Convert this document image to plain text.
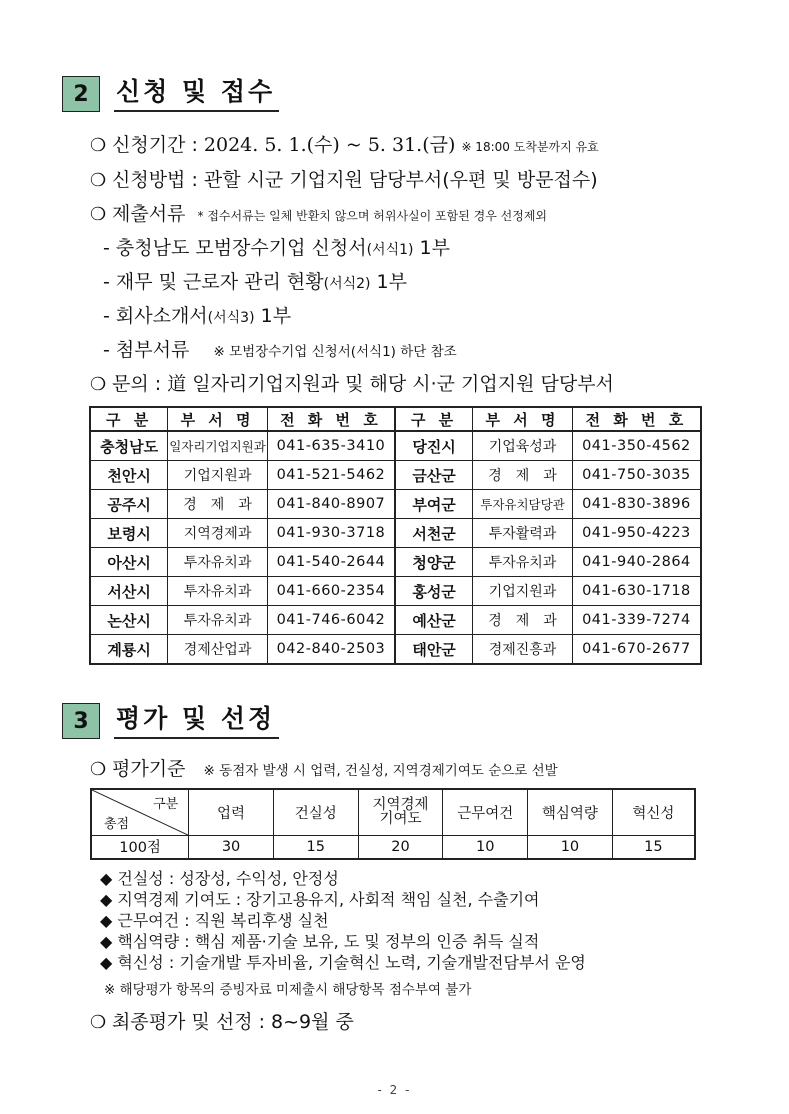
2	신청 및 접수
❍ 신청기간 : 2024. 5. 1.(수) ~ 5. 31.(금) ※ 18:00 도착분까지 유효
❍ 신청방법 : 관할 시군 기업지원 담당부서(우편 및 방문접수)
❍ 제출서류 * 접수서류는 일체 반환치 않으며 허위사실이 포함된 경우 선정제외
- 충청남도 모범장수기업 신청서(서식1) 1부
- 재무 및 근로자 관리 현황(서식2) 1부
- 회사소개서(서식3) 1부
- 첨부서류 ※ 모범장수기업 신청서(서식1) 하단 참조
❍ 문의 : 道 일자리기업지원과 및 해당 시·군 기업지원 담당부서
구 분	부 서 명	전 화 번 호	구 분	부 서 명	전 화 번 호
충청남도	일자리기업지원과	041-635-3410	당진시	기업육성과	041-350-4562
천안시	기업지원과	041-521-5462	금산군	경　제　과	041-750-3035
공주시	경　제　과	041-840-8907	부여군	투자유치담당관	041-830-3896
보령시	지역경제과	041-930-3718	서천군	투자활력과	041-950-4223
아산시	투자유치과	041-540-2644	청양군	투자유치과	041-940-2864
서산시	투자유치과	041-660-2354	홍성군	기업지원과	041-630-1718
논산시	투자유치과	041-746-6042	예산군	경　제　과	041-339-7274
계룡시	경제산업과	042-840-2503	태안군	경제진흥과	041-670-2677
3	평가 및 선정
❍ 평가기준 ※ 동점자 발생 시 업력, 건실성, 지역경제기여도 순으로 선발
구분
총점	업력	건실성	지역경제기여도	근무여건	핵심역량	혁신성
100점	30	15	20	10	10	15
◆ 건실성 : 성장성, 수익성, 안정성
◆ 지역경제 기여도 : 장기고용유지, 사회적 책임 실천, 수출기여
◆ 근무여건 : 직원 복리후생 실천
◆ 핵심역량 : 핵심 제품·기술 보유, 도 및 정부의 인증 취득 실적
◆ 혁신성 : 기술개발 투자비율, 기술혁신 노력, 기술개발전담부서 운영
※ 해당평가 항목의 증빙자료 미제출시 해당항목 점수부여 불가
❍ 최종평가 및 선정 : 8~9월 중
- 2 -
